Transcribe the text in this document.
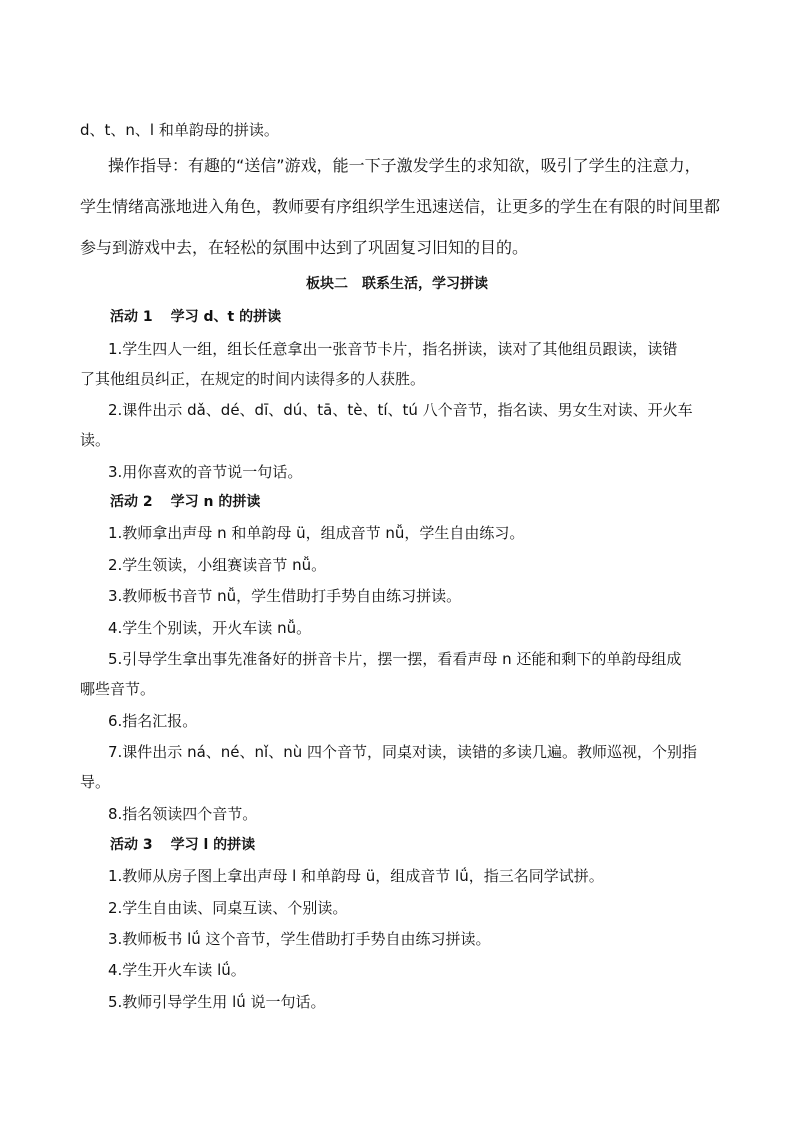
d、t、n、l 和单韵母的拼读。
操作指导：有趣的“送信”游戏，能一下子激发学生的求知欲，吸引了学生的注意力，
学生情绪高涨地进入角色，教师要有序组织学生迅速送信，让更多的学生在有限的时间里都
参与到游戏中去，在轻松的氛围中达到了巩固复习旧知的目的。
板块二　联系生活，学习拼读
活动 1 学习 d、t 的拼读
1.学生四人一组，组长任意拿出一张音节卡片，指名拼读，读对了其他组员跟读，读错
了其他组员纠正，在规定的时间内读得多的人获胜。
2.课件出示 dǎ、dé、dī、dú、tā、tè、tí、tú 八个音节，指名读、男女生对读、开火车
读。
3.用你喜欢的音节说一句话。
活动 2 学习 n 的拼读
1.教师拿出声母 n 和单韵母 ü，组成音节 nǚ，学生自由练习。
2.学生领读，小组赛读音节 nǚ。
3.教师板书音节 nǚ，学生借助打手势自由练习拼读。
4.学生个别读，开火车读 nǚ。
5.引导学生拿出事先准备好的拼音卡片，摆一摆，看看声母 n 还能和剩下的单韵母组成
哪些音节。
6.指名汇报。
7.课件出示 ná、né、nǐ、nù 四个音节，同桌对读，读错的多读几遍。教师巡视，个别指
导。
8.指名领读四个音节。
活动 3 学习 l 的拼读
1.教师从房子图上拿出声母 l 和单韵母 ü，组成音节 lǘ，指三名同学试拼。
2.学生自由读、同桌互读、个别读。
3.教师板书 lǘ 这个音节，学生借助打手势自由练习拼读。
4.学生开火车读 lǘ。
5.教师引导学生用 lǘ 说一句话。
